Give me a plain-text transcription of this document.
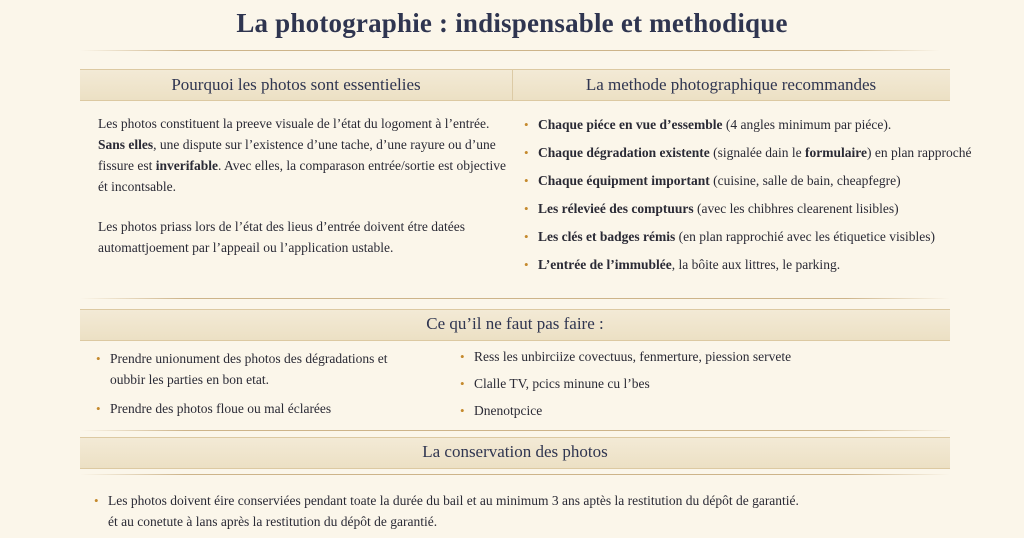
La photographie : indispensable et methodique
Pourquoi les photos sont essentielies	La methode photographique recommandes
Les photos constituent la preeve visuale de l’état du logoment à l’entrée. Sans elles, une dispute sur l’existence d’une tache, d’une rayure ou d’une fissure est inverifable. Avec elles, la comparason entrée/sortie est objective ét incontsable.
Les photos priass lors de l’état des lieus d’entrée doivent étre datées automattjoement par l’appeail ou l’application ustable.
• Chaque piéce en vue d’essemble (4 angles minimum par piéce).
• Chaque dégradation existente (signalée dain le formulaire) en plan rapproché
• Chaque équipment important (cuisine, salle de bain, cheapfegre)
• Les rélevieé des comptuurs (avec les chibhres clearenent lisibles)
• Les clés et badges rémis (en plan rapprochié avec les étiquetice visibles)
• L’entrée de l’immublée, la bôite aux littres, le parking.
Ce qu’il ne faut pas faire :
• Prendre unionument des photos des dégradations et oubbir les parties en bon etat.
• Prendre des photos floue ou mal éclarées
• Ress les unbirciize covectuus, fenmerture, piession servete
• Clalle TV, pcics minune cu l’bes
• Dnenotpcice
La conservation des photos
• Les photos doivent éire conserviées pendant toate la durée du bail et au minimum 3 ans aptès la restitution du dépôt de garantié.
ét au conetute à lans après la restitution du dépôt de garantié.
